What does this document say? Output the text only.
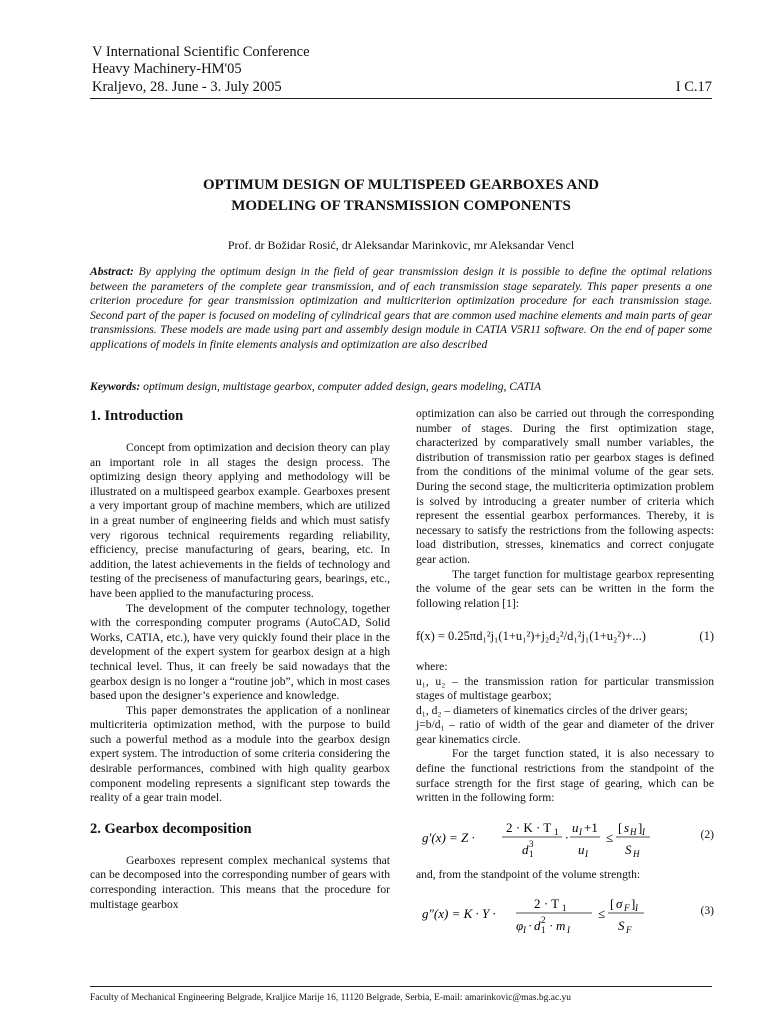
V International Scientific Conference
Heavy Machinery-HM'05
Kraljevo, 28. June - 3. July 2005	I C.17
OPTIMUM DESIGN OF MULTISPEED GEARBOXES AND
MODELING OF TRANSMISSION COMPONENTS
Prof. dr Božidar Rosić, dr Aleksandar Marinkovic, mr Aleksandar Vencl
Abstract: By applying the optimum design in the field of gear transmission design it is possible to define the optimal relations between the parameters of the complete gear transmission, and of each transmission stage separately. This paper presents a one criterion procedure for gear transmission optimization and multicriterion optimization procedure for each transmission stage. Second part of the paper is focused on modeling of cylindrical gears that are common used machine elements and main parts of gear transmissions. These models are made using part and assembly design module in CATIA V5R11 software. On the end of paper some applications of models in finite elements analysis and optimization are also described
Keywords: optimum design, multistage gearbox, computer added design, gears modeling, CATIA
1. Introduction

Concept from optimization and decision theory can play an important role in all stages the design process. The optimizing design theory applying and methodology will be illustrated on a multispeed gearbox example. Gearboxes present a very important group of machine members, which are utilized in a great number of engineering fields and which must satisfy very rigorous technical requirements regarding reliability, efficiency, precise manufacturing of gears, bearing, etc. In addition, the latest achievements in the fields of technology and testing of the preciseness of manufacturing gears, bearings, etc., have been applied to the manufacturing process.

The development of the computer technology, together with the corresponding computer programs (AutoCAD, Solid Works, CATIA, etc.), have very quickly found their place in the development of the expert system for gearbox design at a high technical level. Thus, it can freely be said nowadays that the gearbox design is no longer a “routine job”, which in most cases based upon the designer’s experience and knowledge.

This paper demonstrates the application of a nonlinear multicriteria optimization method, with the purpose to build such a powerful method as a module into the gearbox design expert system. The introduction of some criteria considering the desirable performances, combined with high quality gearbox component modeling represents a significant step towards the reality of a gear train model.

2. Gearbox decomposition

Gearboxes represent complex mechanical systems that can be decomposed into the corresponding number of gears with corresponding interaction. This means that the procedure for multistage gearbox

optimization can also be carried out through the corresponding number of stages. During the first optimization stage, characterized by comparatively small number variables, the distribution of transmission ratio per gearbox stages is defined from the conditions of the minimal volume of the gear sets. During the second stage, the multicriteria optimization problem is solved by introducing a greater number of criteria which represent the essential gearbox performances. Thereby, it is necessary to satisfy the restrictions from the following aspects: load distribution, stresses, kinematics and correct conjugate gear action.

The target function for multistage gearbox representing the volume of the gear sets can be written in the form the following relation [1]:

f(x) = 0.25πd₁²j₁(1+u₁²)+j₂d₂²/d₁²j₁(1+u₂²)+...)	(1)

where:

u₁, u₂ – the transmission ration for particular transmission stages of multistage gearbox;

d₁, d₂ – diameters of kinematics circles of the driver gears;

j=b/d₁ – ratio of width of the gear and diameter of the driver gear kinematics circle.

For the target function stated, it is also necessary to define the functional restrictions from the standpoint of the surface strength for the first stage of gearing, which can be written in the following form:

g′(x) = Z ·
2 · K · T 1
d 1
3 ·
u I +1
u I
≤
[ s H ] I
S H
(2)

and, from the standpoint of the volume strength:

g″(x) = K · Y ·
2 · T 1
φ I · d 1
2 · m I
≤
[ σ F ] I
S F
(3)
Faculty of Mechanical Engineering Belgrade, Kraljice Marije 16, 11120 Belgrade, Serbia, E-mail: amarinkovic@mas.bg.ac.yu
